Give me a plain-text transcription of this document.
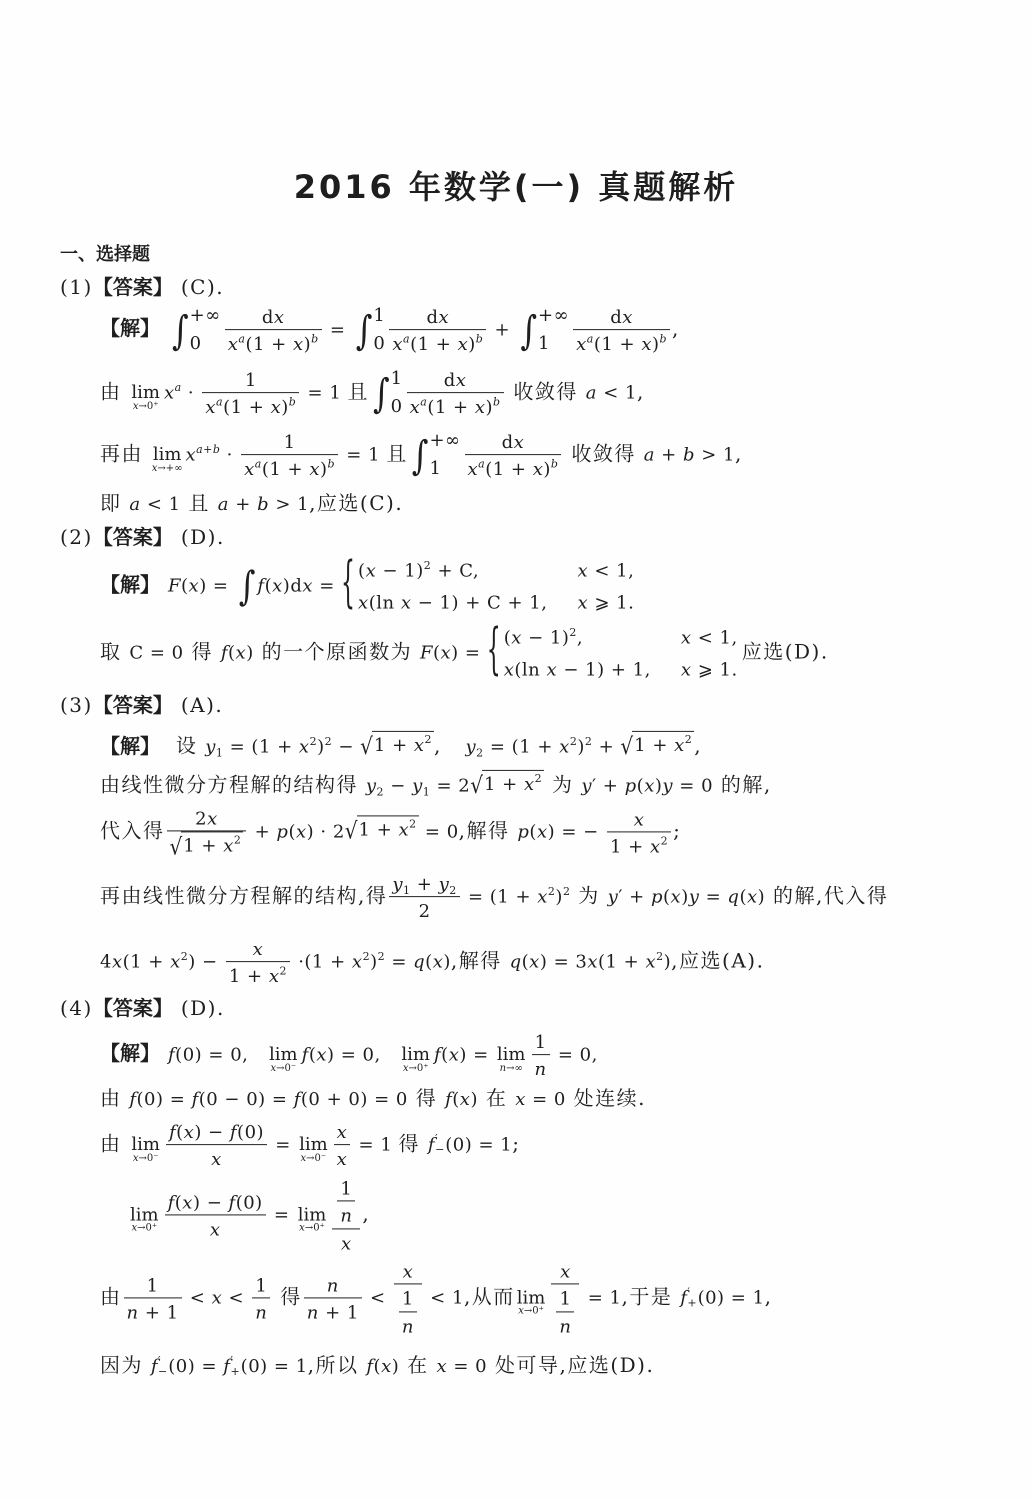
2016 年数学(一) 真题解析
一、选择题
(1)【答案】 (C).
【解】 ∫ +∞
0	$\frac{dx}{x^a(1 + x)^b}$ = ∫ 1
$0 \frac{dx}{x^a(1 + x)^b}$ + ∫ +∞
1	$\frac{dx}{x^a(1 + x)^b}$ ,
由 lim
x→0⁺
$x^a \cdot \frac{1}{x^a(1 + x)^b} = 1$ 且 ∫ 1
$0 \frac{dx}{x^a(1 + x)^b}$ 收敛得 a < 1,
再由 lim
x→+∞
$x^{a+b} \cdot \frac{1}{x^a(1 + x)^b} = 1$ 且 ∫ +∞
1	$\frac{dx}{x^a(1 + x)^b}$ 收敛得 a + b > 1,
即 a < 1 且 a + b > 1,应选(C).
(2)【答案】 (D).
【解】 F(x) = ∫ f(x)dx = { $(x - 1)^2 + C$,	x < 1,
x(ln x − 1) + C + 1, x ⩾ 1.
取 C = 0 得 f(x) 的一个原函数为 F(x) = { $(x - 1)^2$,	x < 1,
x(ln x − 1) + 1, x ⩾ 1.
应选(D).
(3)【答案】 (A).
【解】 设 $y_1 = (1 + x^2)^2$ − √ $1 + x^2$ ,   $y_2 = (1 + x^2)^2$ + √ $1 + x^2$ ,
由线性微分方程解的结构得 $y_2 - y_1 = 2$ √ $1 + x^2$ 为 y′ + p(x)y = 0 的解,
代入得 $\frac{2x}{√ 1 + x^2} + p(x) \cdot 2$ √ $1 + x^2 = 0$,解得 p(x) = − $\frac{x}{1 + x^2}$ ;
再由线性微分方程解的结构,得 $\frac{y_1 + y_2}{2} = (1 + x^2)^2$ 为 y′ + p(x)y = q(x) 的解,代入得
$4x(1 + x^2) - \frac{x}{1 + x^2} \cdot(1 + x^2)^2 = q(x)$,解得 $q(x) = 3x(1 + x^2)$,应选(A).
(4)【答案】 (D).
【解】 f(0) = 0,   lim
x→0⁻
f(x) = 0,   lim
x→0⁺
f(x) = lim
$n\to\infty \frac{1}{n} = 0$,
由 f(0) = f(0 − 0) = f(0 + 0) = 0 得 f(x) 在 x = 0 处连续.
由 lim
$x\to 0^- \frac{f(x) - f(0)}{x} = \lim$
$x\to 0^- \frac{x}{x} = 1$ 得 f ′
− (0) = 1;
lim
$x\to 0^+ \frac{f(x) - f(0)}{x} = \lim$
$x\to 0^+ \frac{\frac{1}{n}}{x}$ ,
由 $\frac{1}{n + 1} < x < \frac{1}{n}$ 得 $\frac{n}{n + 1} < \frac{x}{\frac{1}{n}} < 1$,从而 lim
$x\to 0^+ \frac{x}{\frac{1}{n}} = 1$,于是 f ′
+ (0) = 1,
因为 f ′
− (0) = f ′
+ (0) = 1,所以 f(x) 在 x = 0 处可导,应选(D).
